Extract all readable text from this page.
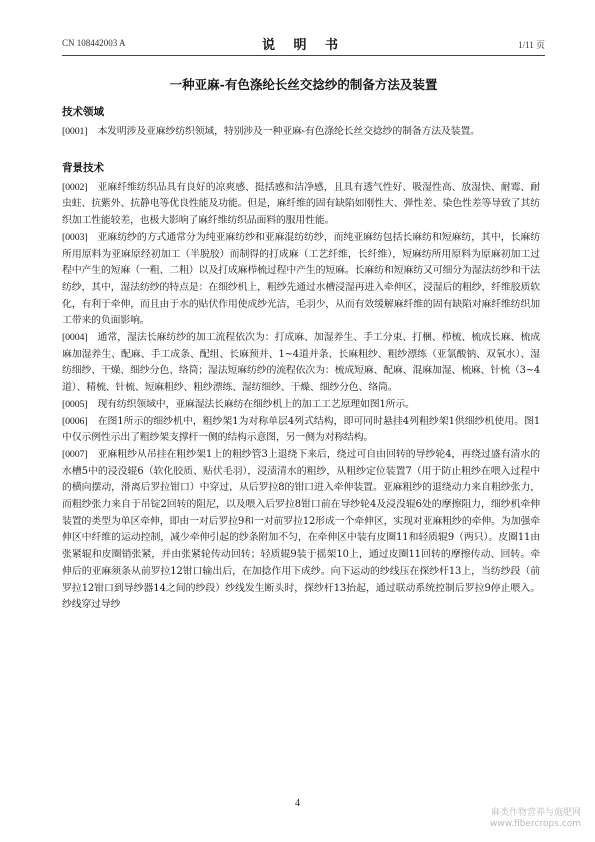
CN 108442003 A	说 明 书	1/11 页
一种亚麻-有色涤纶长丝交捻纱的制备方法及装置
技术领域

[0001] 本发明涉及亚麻纱纺织领域，特别涉及一种亚麻-有色涤纶长丝交捻纱的制备方法及装置。

背景技术

[0002] 亚麻纤维纺织品具有良好的凉爽感、挺括感和洁净感，且具有透气性好、吸湿性高、放湿快、耐霉、耐虫蛀、抗紫外、抗静电等优良性能及功能。但是，麻纤维的固有缺陷如刚性大、弹性差、染色性差等导致了其纺织加工性能较差，也极大影响了麻纤维纺织品面料的服用性能。

[0003] 亚麻纺纱的方式通常分为纯亚麻纺纱和亚麻混纺纺纱，而纯亚麻纺包括长麻纺和短麻纺，其中，长麻纺所用原料为亚麻原经初加工（半脱胶）而制得的打成麻（工艺纤维，长纤维），短麻纺所用原料为原麻初加工过程中产生的短麻（一粗、二粗）以及打成麻栉梳过程中产生的短麻。长麻纺和短麻纺又可细分为湿法纺纱和干法纺纱，其中，湿法纺纱的特点是：在细纱机上，粗纱先通过水槽浸湿再进入牵伸区，浸湿后的粗纱，纤维胶质软化，有利于牵伸，而且由于水的贴伏作用使成纱光洁，毛羽少，从而有效缓解麻纤维的固有缺陷对麻纤维纺织加工带来的负面影响。

[0004] 通常，湿法长麻纺纱的加工流程依次为：打成麻、加湿养生、手工分束、打梱、栉梳、梳成长麻、梳成麻加湿养生、配麻、手工成条、配组、长麻预并、1~4道并条、长麻粗纱、粗纱漂练（亚氯酸钠、双氧水）、湿纺细纱、干燥、细纱分色、络筒；湿法短麻纺纱的流程依次为：梳成短麻、配麻、混麻加湿、梳麻、针梳（3~4道）、精梳、针梳、短麻粗纱、粗纱漂练、湿纺细纱、干燥、细纱分色、络筒。

[0005] 现有纺织领域中，亚麻湿法长麻纺在细纱机上的加工工艺原理如图1所示。

[0006] 在图1所示的细纱机中，粗纱架1为对称单层4列式结构，即可同时悬挂4列粗纱架1供细纱机使用。图1中仅示例性示出了粗纱架支撑杆一侧的结构示意图，另一侧为对称结构。

[0007] 亚麻粗纱从吊挂在粗纱架1上的粗纱管3上退绕下来后，绕过可自由回转的导纱轮4，再绕过盛有清水的水槽5中的浸没辊6（软化胶质、贴伏毛羽），浸渍清水的粗纱，从粗纱定位装置7（用于防止粗纱在喂入过程中的横向摆动，滑离后罗拉钳口）中穿过，从后罗拉8的钳口进入牵伸装置。亚麻粗纱的退绕动力来自粗纱张力，而粗纱张力来自于吊锭2回转的阻尼，以及喂入后罗拉8钳口前在导纱轮4及浸没辊6处的摩擦阻力，细纱机牵伸装置的类型为单区牵伸，即由一对后罗拉9和一对前罗拉12形成一个牵伸区，实现对亚麻粗纱的牵伸。为加强牵伸区中纤维的运动控制，减少牵伸引起的纱条附加不匀，在牵伸区中装有皮圈11和轻质辊9（两只）。皮圈11由张紧辊和皮圈销张紧，并由张紧轮传动回转；轻质辊9装于摇架10上，通过皮圈11回转的摩擦传动、回转。牵伸后的亚麻须条从前罗拉12钳口输出后，在加捻作用下成纱。向下运动的纱线压在探纱杆13上，当纺纱段（前罗拉12钳口到导纱器14之间的纱段）纱线发生断头时，探纱杆13抬起，通过联动系统控制后罗拉9停止喂入。纱线穿过导纱

4
麻类作物营养与施肥网
www.fibercrops.com
